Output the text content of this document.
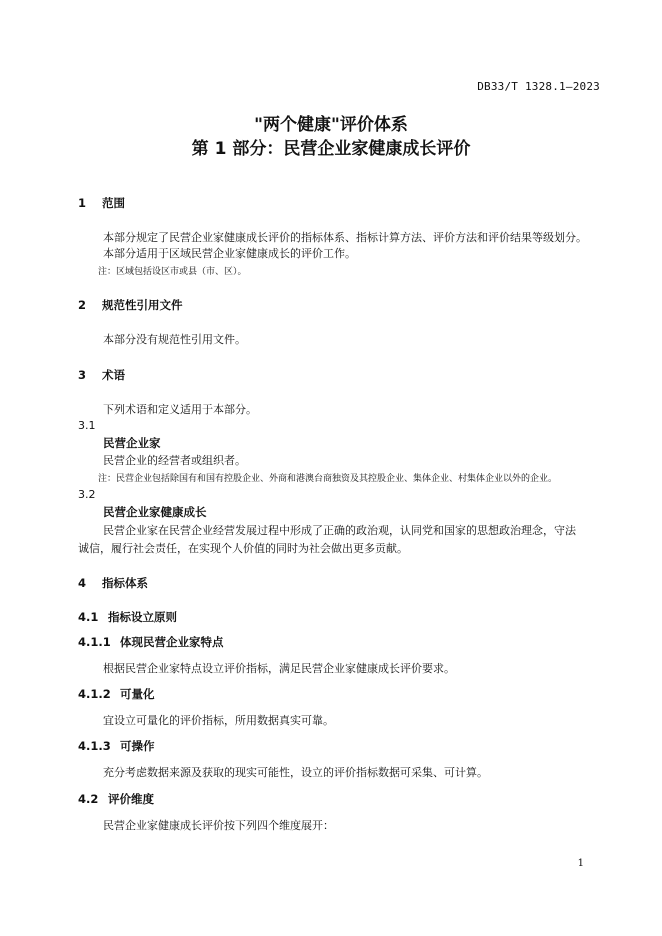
DB33/T 1328.1—2023
"两个健康"评价体系
第 1 部分：民营企业家健康成长评价
1 范围
本部分规定了民营企业家健康成长评价的指标体系、指标计算方法、评价方法和评价结果等级划分。
本部分适用于区域民营企业家健康成长的评价工作。
注：区域包括设区市或县（市、区）。
2 规范性引用文件
本部分没有规范性引用文件。
3 术语
下列术语和定义适用于本部分。
3.1
民营企业家
民营企业的经营者或组织者。
注：民营企业包括除国有和国有控股企业、外商和港澳台商独资及其控股企业、集体企业、村集体企业以外的企业。
3.2
民营企业家健康成长
民营企业家在民营企业经营发展过程中形成了正确的政治观，认同党和国家的思想政治理念，守法
诚信，履行社会责任，在实现个人价值的同时为社会做出更多贡献。
4 指标体系
4.1 指标设立原则
4.1.1 体现民营企业家特点
根据民营企业家特点设立评价指标，满足民营企业家健康成长评价要求。
4.1.2 可量化
宜设立可量化的评价指标，所用数据真实可靠。
4.1.3 可操作
充分考虑数据来源及获取的现实可能性，设立的评价指标数据可采集、可计算。
4.2 评价维度
民营企业家健康成长评价按下列四个维度展开：
1
